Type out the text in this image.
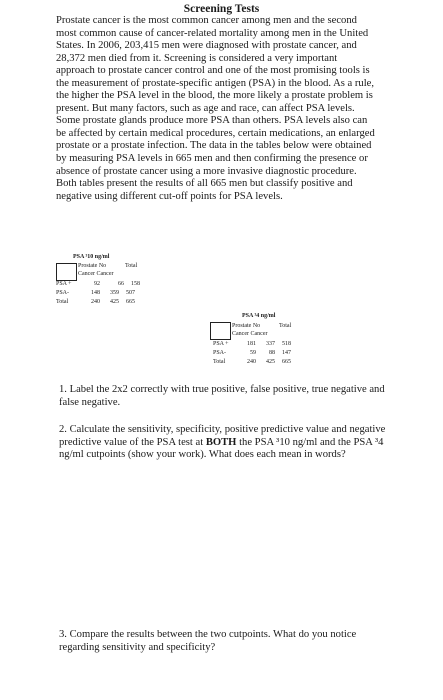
Screening Tests

Prostate cancer is the most common cancer among men and the second most common cause of cancer-related mortality among men in the United States. In 2006, 203,415 men were diagnosed with prostate cancer, and 28,372 men died from it. Screening is considered a very important approach to prostate cancer control and one of the most promising tools is the measurement of prostate-specific antigen (PSA) in the blood. As a rule, the higher the PSA level in the blood, the more likely a prostate problem is present. But many factors, such as age and race, can affect PSA levels. Some prostate glands produce more PSA than others. PSA levels also can be affected by certain medical procedures, certain medications, an enlarged prostate or a prostate infection. The data in the tables below were obtained by measuring PSA levels in 665 men and then confirming the presence or absence of prostate cancer using a more invasive diagnostic procedure. Both tables present the results of all 665 men but classify positive and negative using different cut-off points for PSA levels.

PSA ³10 ng/ml
Prostate No	Total
Cancer Cancer
PSA +	92	66 158
PSA-	148 359 507
Total	240 425 665
PSA ³4 ng/ml
Prostate No	Total
Cancer Cancer
PSA +	181 337 518
PSA-	59 88 147
Total	240 425 665

1. Label the 2x2 correctly with true positive, false positive, true negative and false negative.

2. Calculate the sensitivity, specificity, positive predictive value and negative predictive value of the PSA test at BOTH the PSA ³10 ng/ml and the PSA ³4 ng/ml cutpoints (show your work). What does each mean in words?

3. Compare the results between the two cutpoints. What do you notice regarding sensitivity and specificity?
